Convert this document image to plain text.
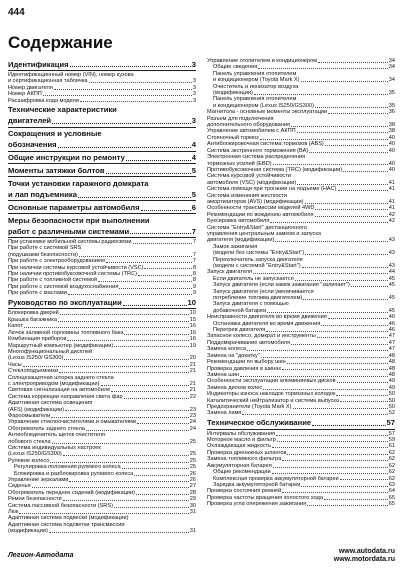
444
Содержание
Идентификация	3
Идентификационный номер (VIN), номер кузова
и сертификационная табличка	3
Номер двигателя	3
Номер АКПП	3
Расшифровка кода модели	3
Технические характеристики
двигателей	3
Сокращения и условные
обозначения	4
Общие инструкции по ремонту	4
Моменты затяжки болтов	5
Точки установки гаражного домкрата
и лап подъемника	5
Основные параметры автомобиля	6
Меры безопасности при выполнении
работ с различными системами	7
При установке мобильной системы радиосвязи	7
При работе с системой SRS
(подушками безопасности)	7
При работе с электрооборудованием	7
При наличии системы курсовой устойчивости (VSC)	8
При наличии противобуксовочной системы (TRC)	8
При работе с топливной системой	8
При работе с системой воздухоснабжения	9
При работе с маслами	9
Руководство по эксплуатации	10
Блокировка дверей	10
Крышка багажника	15
Капот	16
Лючок заливной горловины топливного бака	16
Комбинация приборов	16
Маршрутный компьютер (модификации)	19
Многофункциональный дисплей
(Lexus IS250/ GS300)	20
Часы	21
Стеклоподъемники	21
Солнцезащитная шторка заднего стекла
с электроприводом (модификации)	21
Световая сигнализация на автомобиле	21
Система коррекции направления света фар	22
Адаптивная система освещения
(AFS) (модификации)	23
Фароомыватели	23
Управление стеклоочистителями и омывателями	24
Обогреватель заднего стекла	24
Антиобледенитель щеток очистителя
лобового стекла	25
Система индивидуальных настроек
(Lexus IS250/GS300)	25
Рулевое колесо	25
Регулировка положения рулевого колеса	25
Блокировка и разблокировка рулевого колеса	26
Управление зеркалами	26
Сиденья	27
Обогреватель передних сидений (модификации)	28
Ремни безопасности	29
Система пассивной безопасности (SRS)	30
Люк	31
Адаптивная система подвески (модификации)
Адаптивная система подсветки трансмиссии
(модификации)	31
Управление отопителем и кондиционером	34
Общие сведения	34
Панель управления отопителем
и кондиционером (Toyota Mark X)	34
Очиститель и ионизатор воздуха
(модификации)	35
Панель управления отопителем
и кондиционером (Lexus IS250/GS300)	35
Магнитола - основные моменты эксплуатации	36
Разъем для подключения
дополнительного оборудования	38
Управление автомобилем с АКПП	38
Стояночный тормоз	40
Антиблокировочная система тормозов (ABS)	40
Система экстренного торможения (ВА)	40
Электронная система распределения
тормозных усилий (EBD)	40
Противобуксовочная система (TRC) (модификации)	40
Система курсовой устойчивости
автомобиля (VSC) (модификации)	41
Система помощи при трогании на подъеме (HAC)	41
Система изменения жесткости
амортизаторов (AVS) (модификации)	41
Особенности трансмиссии моделей 4WD	41
Рекомендации по вождению автомобиля	42
Буксировка автомобиля	42
Система "Entry&Start" дистанционного
управления центральным замком и запуска
двигателя (модификации)	43
Замок зажигания
(модели без системы "Entry&Start")	43
Переключатель запуска двигателя
(модели с системой "Entry&Start")	43
Запуск двигателя	44
Если двигатель не запускается	45
Запуск двигателя (если замок зажигания "залипает")	45
Запуск двигателя (если увеличивается
потребление топлива двигателем)	45
Запуск двигателя с помощью
добавочной батареи	45
Неисправности двигателя во время движения	46
Остановка двигателя во время движения	46
Перегрев двигателя	46
Запасное колесо, домкрат и инструменты	47
Поддомкрачивание автомобиля	47
Замена колеса	47
Замена на "докатку"	48
Рекомендации по выбору шин	48
Проверка давления в шинах	48
Замена шин	48
Особенности эксплуатации алюминиевых дисков	49
Замена дисков колес	49
Индикаторы износа накладок тормозных колодок	50
Каталитический нейтрализатор и система выпуска	50
Предохранители (Toyota Mark X)	50
Замена ламп	52
Техническое обслуживание	57
Интервалы обслуживания	57
Моторное масло и фильтр	59
Охлаждающая жидкость	61
Проверка дренажных шлангов	62
Замена топливного фильтра	62
Аккумуляторная батарея	62
Общие рекомендации	62
Комплексная проверка аккумуляторной батареи	62
Зарядка аккумуляторной батареи	63
Проверка состояния ремней	64
Проверка частоты вращения холостого хода	65
Проверка угла опережения зажигания	65
Легион-Автодата
www.autodata.ru
www.motordata.ru
